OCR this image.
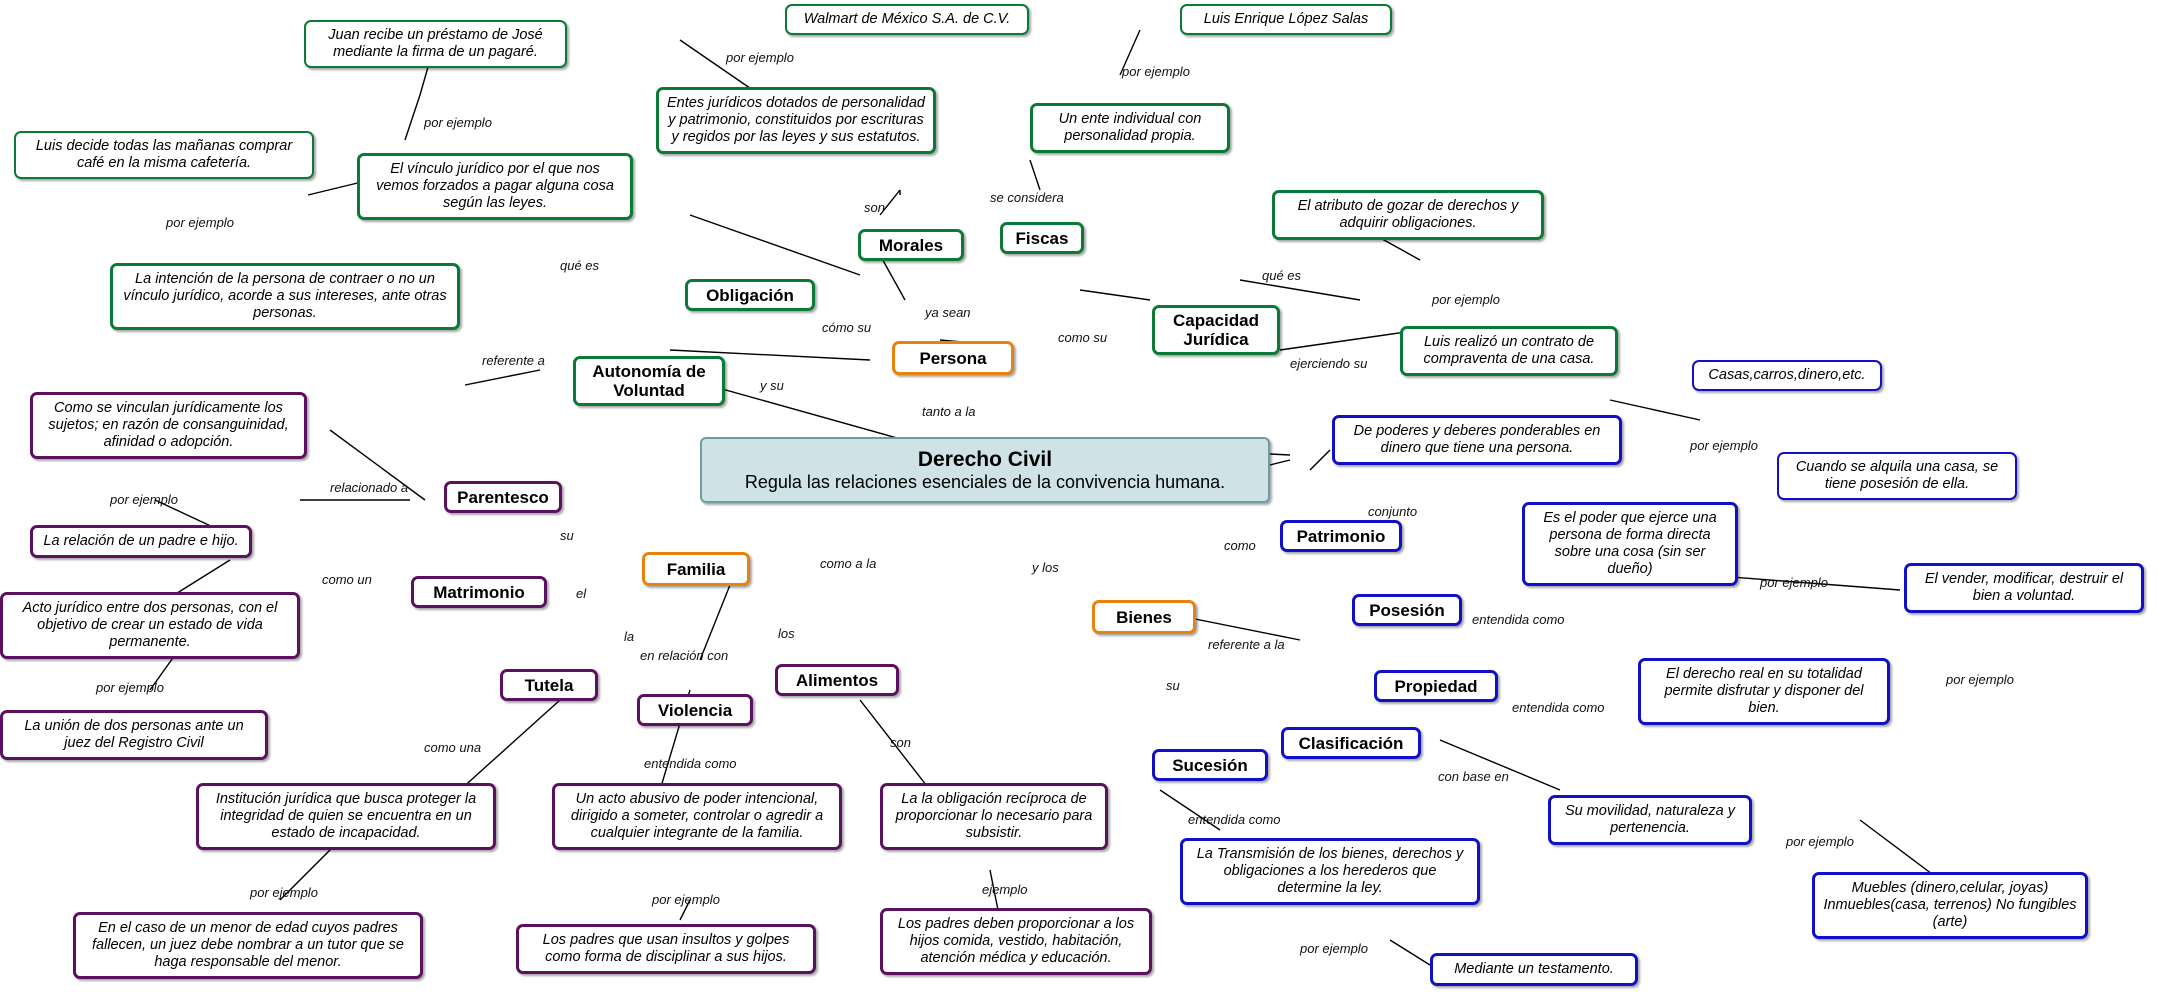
Juan recibe un préstamo de José mediante la firma de un pagaré.
Walmart de México S.A. de C.V.	Luis Enrique López Salas
Luis decide todas las mañanas comprar café en la misma cafetería.	El vínculo jurídico por el que nos vemos forzados a pagar alguna cosa según las leyes.
Entes jurídicos dotados de personalidad y patrimonio, constituidos por escrituras y regidos por las leyes y sus estatutos.
Un ente individual con personalidad propia.
El atributo de gozar de derechos y adquirir obligaciones.
La intención de la persona de contraer o no un vínculo jurídico, acorde a sus intereses, ante otras personas.
Morales	Fiscas
Obligación
Persona
Capacidad Jurídica	Luis realizó un contrato de compraventa de una casa.
Autonomía de Voluntad
Como se vinculan jurídicamente los sujetos; en razón de consanguinidad, afinidad o adopción.
Parentesco
La relación de un padre e hijo.
De poderes y deberes ponderables en dinero que tiene una persona.
Casas,carros,dinero,etc.
Cuando se alquila una casa, se tiene posesión de ella.
Es el poder que ejerce una persona de forma directa sobre una cosa (sin ser dueño)
Patrimonio
Posesión
El vender, modificar, destruir el bien a voluntad.
Familia
Matrimonio
Acto jurídico entre dos personas, con el objetivo de crear un estado de vida permanente.
Bienes
Propiedad
El derecho real en su totalidad permite disfrutar y disponer del bien.
La unión de dos personas ante un juez del Registro Civil
Tutela
Violencia
Alimentos
Clasificación
Sucesión
Institución jurídica que busca proteger la integridad de quien se encuentra en un estado de incapacidad.
Un acto abusivo de poder intencional, dirigido a someter, controlar o agredir a cualquier integrante de la familia.
La la obligación recíproca de proporcionar lo necesario para subsistir.
La Transmisión de los bienes, derechos y obligaciones a los herederos que determine la ley.
Su movilidad, naturaleza y pertenencia.
En el caso de un menor de edad cuyos padres fallecen, un juez debe nombrar a un tutor que se haga responsable del menor.
Los padres que usan insultos y golpes como forma de disciplinar a sus hijos.
Los padres deben proporcionar a los hijos comida, vestido, habitación, atención médica y educación.
Mediante un testamento.
Muebles (dinero,celular, joyas) Inmuebles(casa, terrenos) No fungibles (arte)
Derecho Civil
Regula las relaciones esenciales de la convivencia humana.
por ejemplo
por ejemplo
por ejemplo
por ejemplo
son
se considera
qué es
qué es
por ejemplo
ya sean
cómo su
como su
ejerciendo su
y su
referente a
tanto a la
relacionado a
por ejemplo
su
como a la	y los
conjunto
como
por ejemplo
por ejemplo
entendida como
referente a la
el
como un
por ejemplo
la	los
en relación con
entendida como
por ejemplo
su
como una
entendida como
son
con base en
entendida como
por ejemplo	por ejemplo
ejemplo
por ejemplo
por ejemplo
